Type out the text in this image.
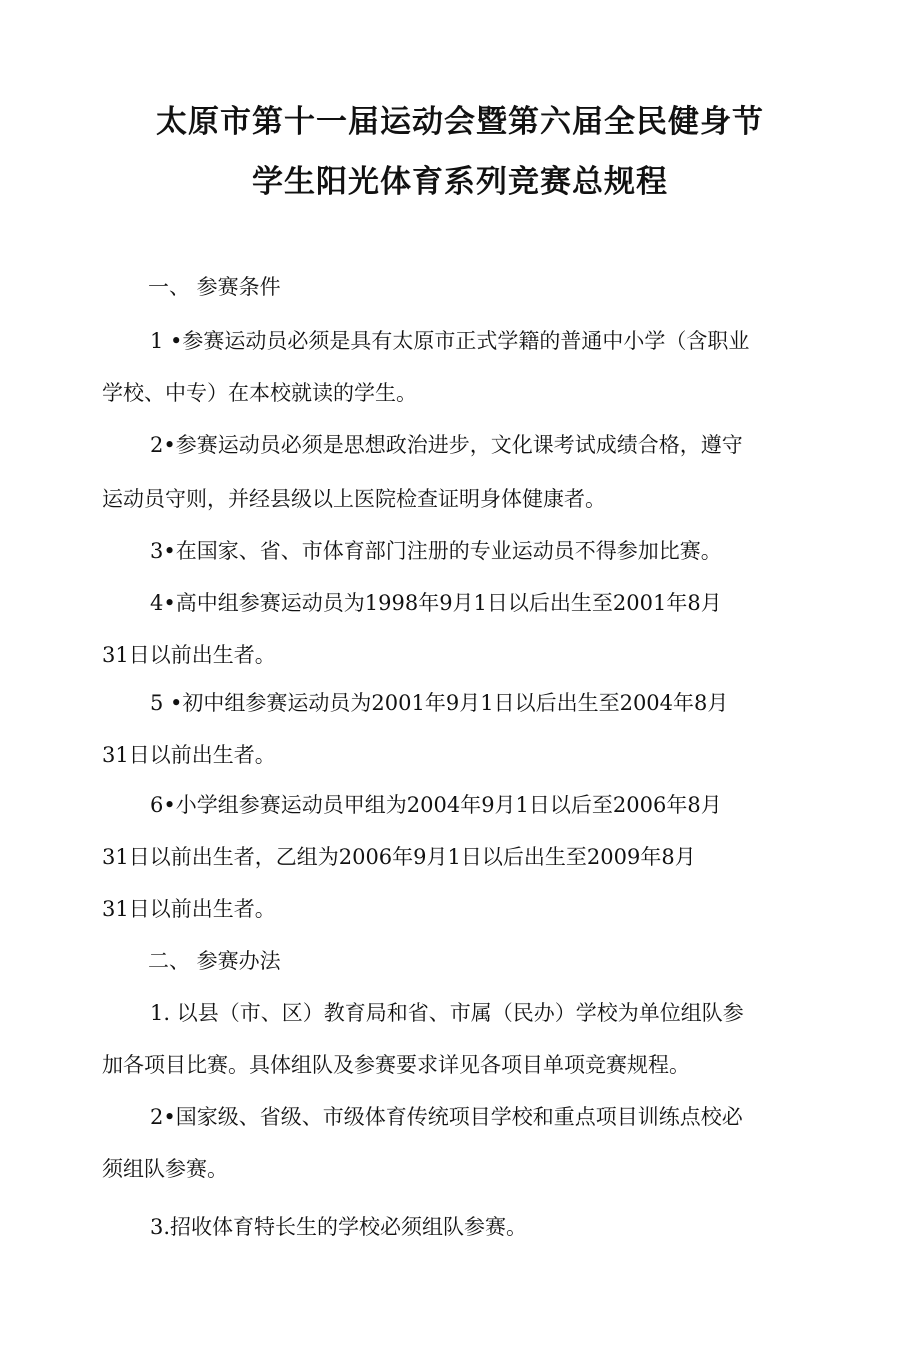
太原市第十一届运动会暨第六届全民健身节
学生阳光体育系列竞赛总规程

一、 参赛条件

1 •参赛运动员必须是具有太原市正式学籍的普通中小学（含职业

学校、中专）在本校就读的学生。

2•参赛运动员必须是思想政治进步，文化课考试成绩合格，遵守

运动员守则，并经县级以上医院检查证明身体健康者。

3•在国家、省、市体育部门注册的专业运动员不得参加比赛。

4•高中组参赛运动员为1998年9月1日以后出生至2001年8月

31日以前出生者。

5 •初中组参赛运动员为2001年9月1日以后出生至2004年8月

31日以前出生者。

6•小学组参赛运动员甲组为2004年9月1日以后至2006年8月

31日以前出生者，乙组为2006年9月1日以后出生至2009年8月

31日以前出生者。

二、 参赛办法

1. 以县（市、区）教育局和省、市属（民办）学校为单位组队参

加各项目比赛。具体组队及参赛要求详见各项目单项竞赛规程。

2•国家级、省级、市级体育传统项目学校和重点项目训练点校必

须组队参赛。

3.招收体育特长生的学校必须组队参赛。
